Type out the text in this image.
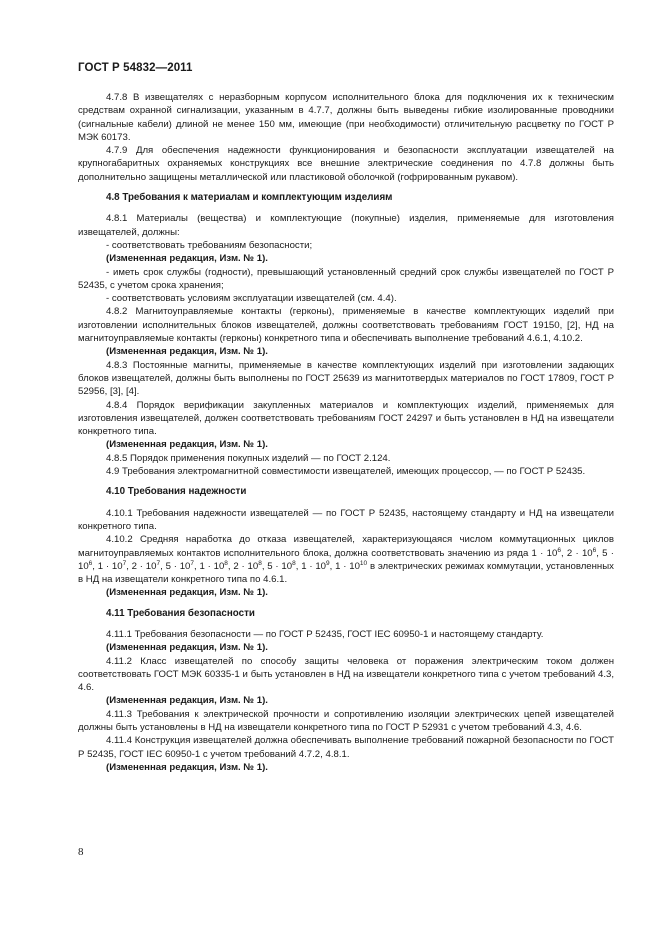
ГОСТ Р 54832—2011

4.7.8 В извещателях с неразборным корпусом исполнительного блока для подключения их к техническим средствам охранной сигнализации, указанным в 4.7.7, должны быть выведены гибкие изолированные проводники (сигнальные кабели) длиной не менее 150 мм, имеющие (при необходимости) отличительную расцветку по ГОСТ Р МЭК 60173.

4.7.9 Для обеспечения надежности функционирования и безопасности эксплуатации извещателей на крупногабаритных охраняемых конструкциях все внешние электрические соединения по 4.7.8 должны быть дополнительно защищены металлической или пластиковой оболочкой (гофрированным рукавом).

4.8 Требования к материалам и комплектующим изделиям

4.8.1 Материалы (вещества) и комплектующие (покупные) изделия, применяемые для изготовления извещателей, должны:

- соответствовать требованиям безопасности;

(Измененная редакция, Изм. № 1).

- иметь срок службы (годности), превышающий установленный средний срок службы извещателей по ГОСТ Р 52435, с учетом срока хранения;

- соответствовать условиям эксплуатации извещателей (см. 4.4).

4.8.2 Магнитоуправляемые контакты (герконы), применяемые в качестве комплектующих изделий при изготовлении исполнительных блоков извещателей, должны соответствовать требованиям ГОСТ 19150, [2], НД на магнитоуправляемые контакты (герконы) конкретного типа и обеспечивать выполнение требований 4.6.1, 4.10.2.

(Измененная редакция, Изм. № 1).

4.8.3 Постоянные магниты, применяемые в качестве комплектующих изделий при изготовлении задающих блоков извещателей, должны быть выполнены по ГОСТ 25639 из магнитотвердых материалов по ГОСТ 17809, ГОСТ Р 52956, [3], [4].

4.8.4 Порядок верификации закупленных материалов и комплектующих изделий, применяемых для изготовления извещателей, должен соответствовать требованиям ГОСТ 24297 и быть установлен в НД на извещатели конкретного типа.

(Измененная редакция, Изм. № 1).

4.8.5 Порядок применения покупных изделий — по ГОСТ 2.124.

4.9 Требования электромагнитной совместимости извещателей, имеющих процессор, — по ГОСТ Р 52435.

4.10 Требования надежности

4.10.1 Требования надежности извещателей — по ГОСТ Р 52435, настоящему стандарту и НД на извещатели конкретного типа.

4.10.2 Средняя наработка до отказа извещателей, характеризующаяся числом коммутационных циклов магнитоуправляемых контактов исполнительного блока, должна соответствовать значению из ряда $1 \cdot 10^6$, $2 \cdot 10^6$, $5 \cdot 10^6$, $1 \cdot 10^7$, $2 \cdot 10^7$, $5 \cdot 10^7$, $1 \cdot 10^8$, $2 \cdot 10^8$, $5 \cdot 10^8$, $1 \cdot 10^9$, $1 \cdot 10^{10}$ в электрических режимах коммутации, установленных в НД на извещатели конкретного типа по 4.6.1.

(Измененная редакция, Изм. № 1).

4.11 Требования безопасности

4.11.1 Требования безопасности — по ГОСТ Р 52435, ГОСТ IEC 60950-1 и настоящему стандарту.

(Измененная редакция, Изм. № 1).

4.11.2 Класс извещателей по способу защиты человека от поражения электрическим током должен соответствовать ГОСТ МЭК 60335-1 и быть установлен в НД на извещатели конкретного типа с учетом требований 4.3, 4.6.

(Измененная редакция, Изм. № 1).

4.11.3 Требования к электрической прочности и сопротивлению изоляции электрических цепей извещателей должны быть установлены в НД на извещатели конкретного типа по ГОСТ Р 52931 с учетом требований 4.3, 4.6.

4.11.4 Конструкция извещателей должна обеспечивать выполнение требований пожарной безопасности по ГОСТ Р 52435, ГОСТ IEC 60950-1 с учетом требований 4.7.2, 4.8.1.

(Измененная редакция, Изм. № 1).

8
